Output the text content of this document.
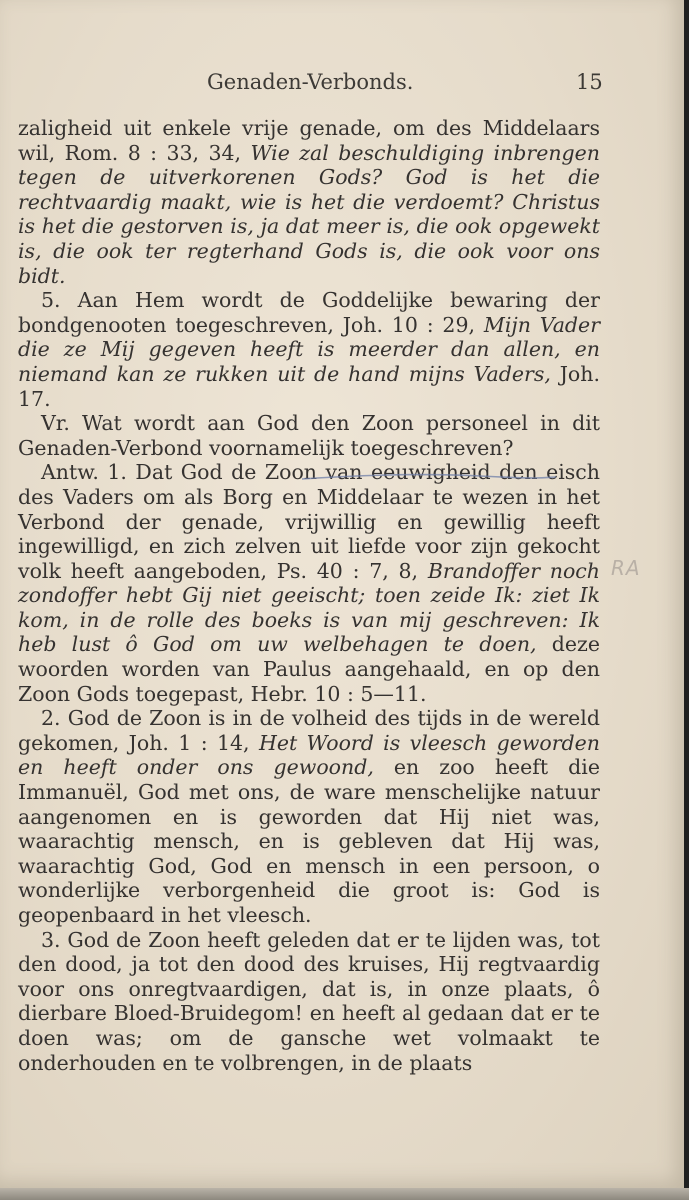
Genaden-Verbonds.	15

zaligheid uit enkele vrije genade, om des Middelaars wil, Rom. 8 : 33, 34, Wie zal beschuldiging inbrengen tegen de uitverkorenen Gods? God is het die rechtvaardig maakt, wie is het die verdoemt? Christus is het die gestorven is, ja dat meer is, die ook opgewekt is, die ook ter regterhand Gods is, die ook voor ons bidt.

5. Aan Hem wordt de Goddelijke bewaring der bondgenooten toegeschreven, Joh. 10 : 29, Mijn Vader die ze Mij gegeven heeft is meerder dan allen, en niemand kan ze rukken uit de hand mijns Vaders, Joh. 17.

Vr. Wat wordt aan God den Zoon personeel in dit Genaden-Verbond voornamelijk toegeschreven?

Antw. 1. Dat God de Zoon van eeuwigheid den eisch des Vaders om als Borg en Middelaar te wezen in het Verbond der genade, vrijwillig en gewillig heeft ingewilligd, en zich zelven uit liefde voor zijn gekocht volk heeft aangeboden, Ps. 40 : 7, 8, Brandoffer noch zondoffer hebt Gij niet geeischt; toen zeide Ik: ziet Ik kom, in de rolle des boeks is van mij geschreven: Ik heb lust ô God om uw welbehagen te doen, deze woorden worden van Paulus aangehaald, en op den Zoon Gods toegepast, Hebr. 10 : 5—11.

2. God de Zoon is in de volheid des tijds in de wereld gekomen, Joh. 1 : 14, Het Woord is vleesch geworden en heeft onder ons gewoond, en zoo heeft die Immanuël, God met ons, de ware menschelijke natuur aangenomen en is geworden dat Hij niet was, waarachtig mensch, en is gebleven dat Hij was, waarachtig God, God en mensch in een persoon, o wonderlijke verborgenheid die groot is: God is geopenbaard in het vleesch.

3. God de Zoon heeft geleden dat er te lijden was, tot den dood, ja tot den dood des kruises, Hij regtvaardig voor ons onregtvaardigen, dat is, in onze plaats, ô dierbare Bloed-Bruidegom! en heeft al gedaan dat er te doen was; om de gansche wet volmaakt te onderhouden en te volbrengen, in de plaats

RA
